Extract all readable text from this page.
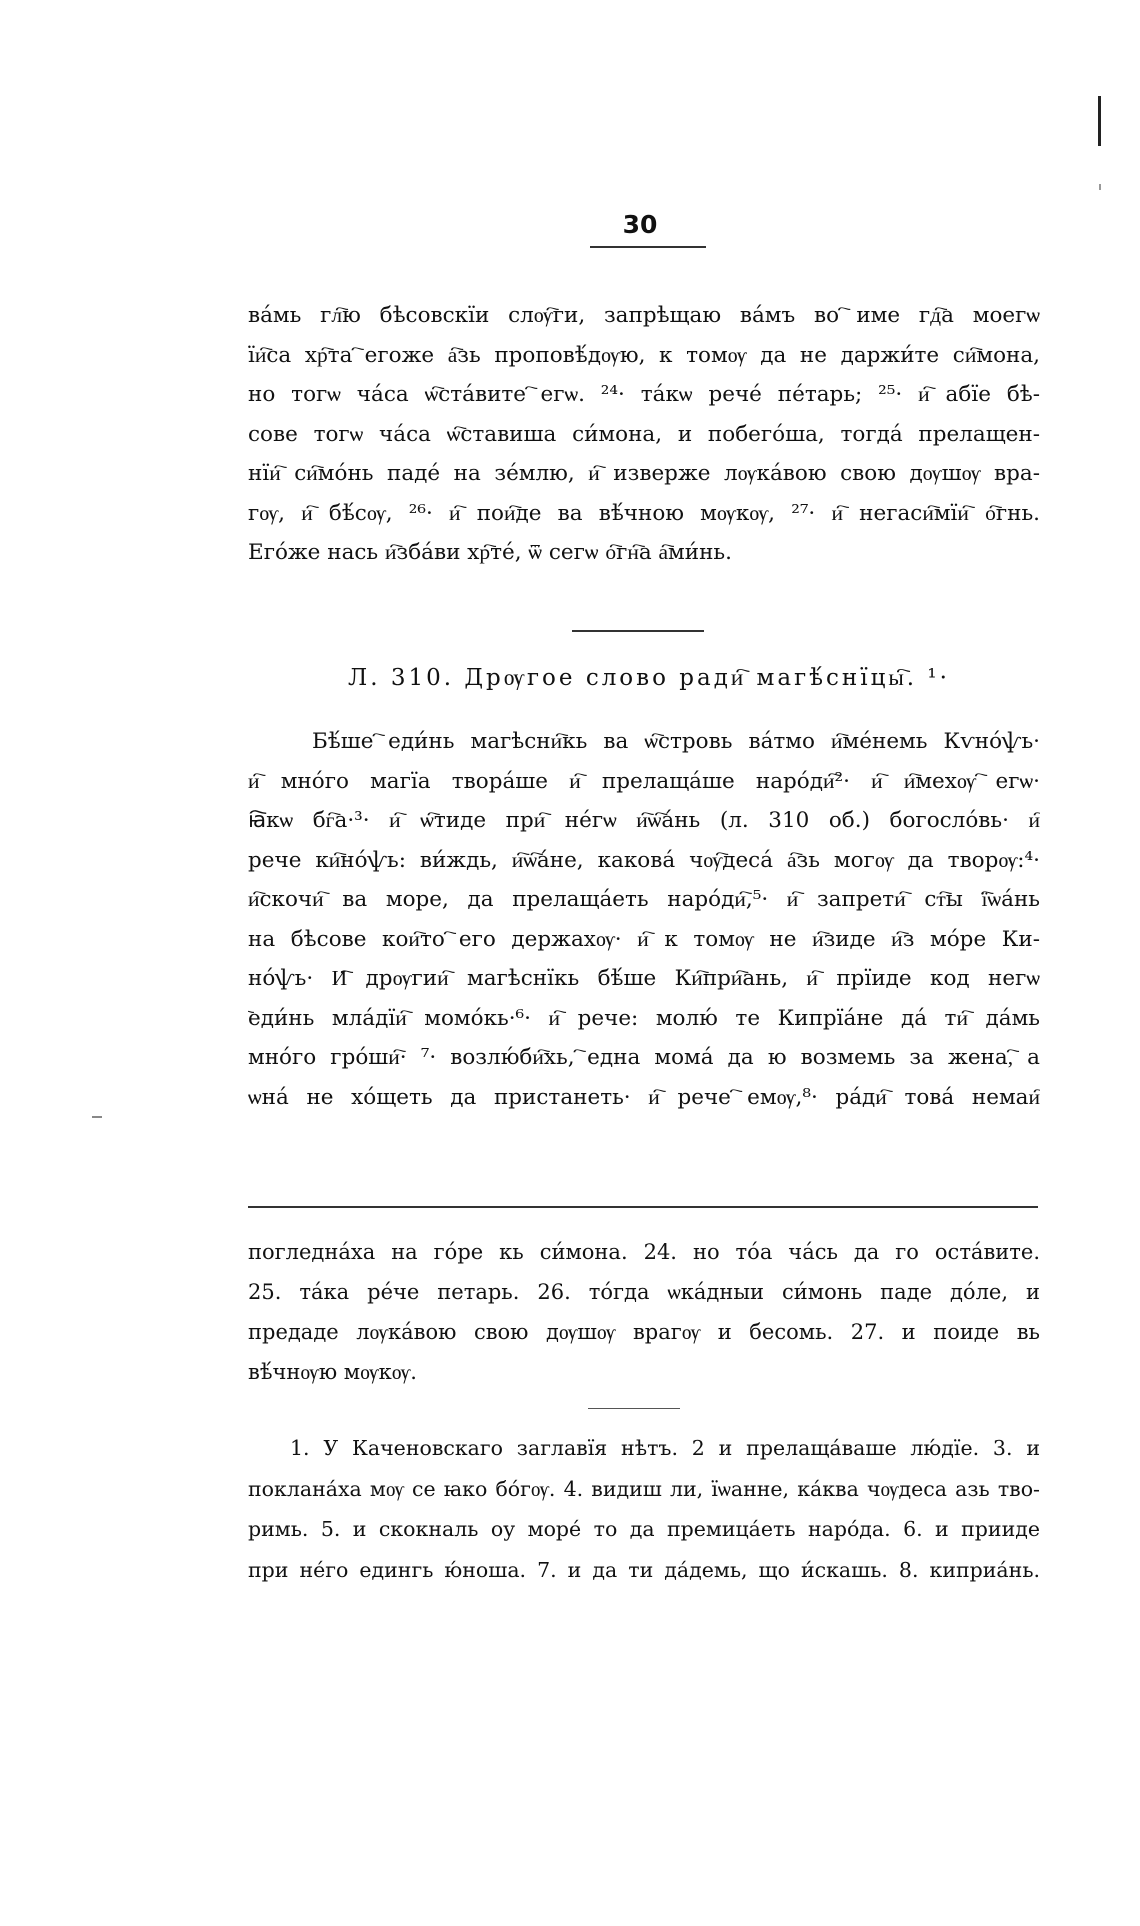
30
ва́мь гл҇ю бѣсовскїи слѹ҇ги, запрѣщаю ва́мъ во ҇име гд҇а моегѡ
їи҇са хр҇та ҇егоже а҇зь проповѣ́дѹю, к томѹ да не даржи́те си҇мона,
но тогѡ ча́са ѡ҇ста́вите ҇егѡ. ²⁴· та́кѡ рече́ пе́тарь; ²⁵· и҇ абїе бѣ-
сове тогѡ ча́са ѡ҇ставиша си́мона, и побего́ша, тогда́ прелащен-
нїи҇ си҇мо́нь паде́ на зе́млю, и҇ изверже лѹка́вою свою дѹшѹ вра-
гѹ, и҇ бѣ́сѹ, ²⁶· и҇ пои҇де ва вѣ́чною мѹкѹ, ²⁷· и҇ негаси҇мїи҇ о҇гнь.
Его́же нась и҇зба́ви хр҇те́, ѿ сегѡ о҇гн҇а а҇ми́нь.
Л. 310. Дрѹгое слово ради҇ магѣ́снїцы҇. ¹·
Бѣ́ше ҇еди́нь магѣсни҇кь ва ѡ҇стровь ва́тмо и҇ме́немь Кѵно́ѱь·
и҇ мно́го магїа твора́ше и҇ прелаща́ше наро́ди҇²· и҇ и҇мехѹ ҇егѡ·
ꙗ҇кѡ бг҇а·³· и҇ ѡ҇тиде при҇ не́гѡ и҇ѡ҇а́нь (л. 310 об.) богосло́вь· и҇
рече ки҇но́ѱь: ви́ждь, и҇ѡ҇а́не, какова́ чѹ҇деса́ а҇зь могѹ да творѹ:⁴·
и҇скочи҇ ва море, да прелаща́еть наро́ди҇,⁵· и҇ запрети҇ ст҇ы ї҇ѡа́нь
на бѣсове кои҇то ҇его держахѹ· и҇ к томѹ не и҇зиде и҇з мо́ре Ки-
но́ѱь· И҇ дрѹгии҇ магѣснїкь бѣ́ше Ки҇при҇ань, и҇ прїиде код негѡ
҇еди́нь мла́дїи҇ момо́кь·⁶· и҇ рече: молю́ те Кипрїа́не да́ ти҇ да́мь
мно́го гро́ши҇· ⁷· возлю́би҇хь, ҇една мома́ да ю возмемь за жена,҇ а
ѡна́ не хо́щеть да пристанеть· и҇ рече ҇емѹ,⁸· ра́ди҇ това́ немаи҇
погледна́ха на го́ре кь си́мона. 24. но то́а ча́сь да го оста́вите.
25. та́ка ре́че петарь. 26. то́гда ѡка́дныи си́монь паде до́ле, и
предаде лѹка́вою свою дѹшѹ врагѹ и бесомь. 27. и поиде вь
вѣ́чнѹю мѹкѹ.
1. У Каченовскаго заглавїя нѣтъ. 2 и прелаща́ваше лю́дїе. 3. и
поклана́ха мѹ се ꙗко бо́гѹ. 4. видиш ли, їѡанне, ка́ква чѹдеса азь тво-
римь. 5. и скокналь оу море́ то да премица́еть наро́да. 6. и прииде
при не́го едингь ю́ноша. 7. и да ти да́демь, що и́скашь. 8. киприа́нь.
